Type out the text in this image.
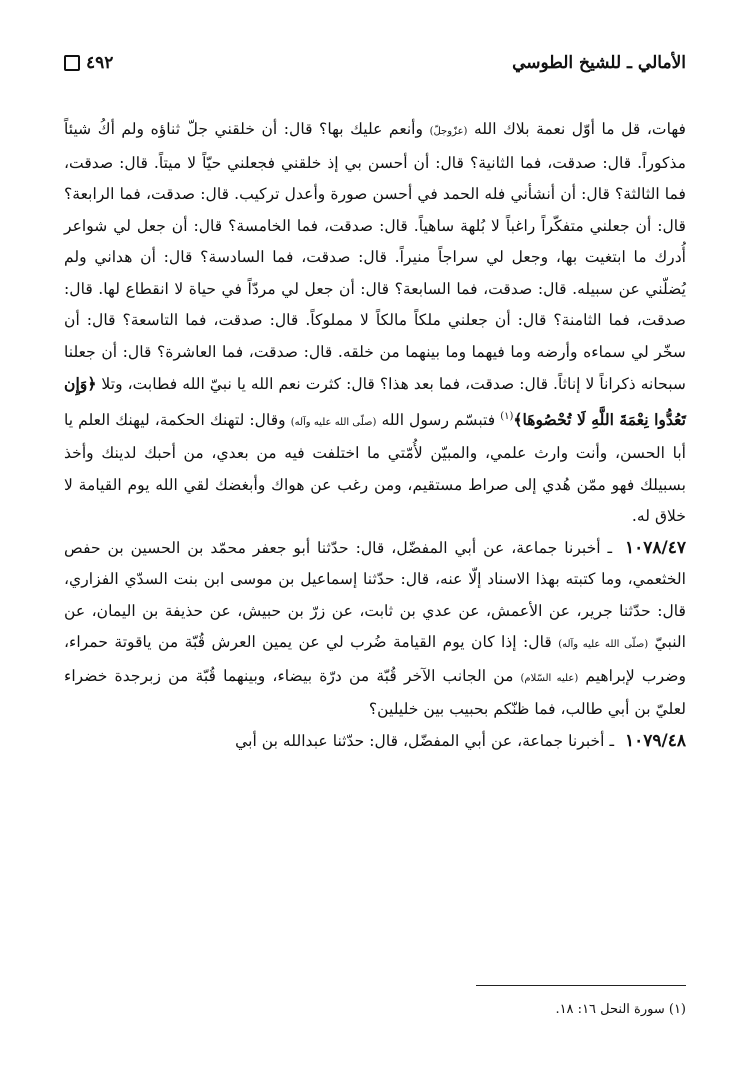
٤٩٢	الأمالي ـ للشيخ الطوسي

فهات، قل ما أوّل نعمة بلاك الله (عزّوجلّ) وأنعم عليك بها؟ قال: أن خلقني جلّ ثناؤه ولم أكُ شيئاً مذكوراً. قال: صدقت، فما الثانية؟ قال: أن أحسن بي إذ خلقني فجعلني حيّاً لا ميتاً. قال: صدقت، فما الثالثة؟ قال: أن أنشأني فله الحمد في أحسن صورة وأعدل تركيب. قال: صدقت، فما الرابعة؟ قال: أن جعلني متفكّراً راغباً لا بُلهة ساهياً. قال: صدقت، فما الخامسة؟ قال: أن جعل لي شواعر أُدرك ما ابتغيت بها، وجعل لي سراجاً منيراً. قال: صدقت، فما السادسة؟ قال: أن هداني ولم يُضلّني عن سبيله. قال: صدقت، فما السابعة؟ قال: أن جعل لي مردّاً في حياة لا انقطاع لها. قال: صدقت، فما الثامنة؟ قال: أن جعلني ملكاً مالكاً لا مملوكاً. قال: صدقت، فما التاسعة؟ قال: أن سخّر لي سماءه وأرضه وما فيهما وما بينهما من خلقه. قال: صدقت، فما العاشرة؟ قال: أن جعلنا سبحانه ذكراناً لا إناثاً. قال: صدقت، فما بعد هذا؟ قال: كثرت نعم الله يا نبيّ الله فطابت، وتلا ﴿وَإِن تَعُدُّوا نِعْمَةَ اللَّهِ لَا تُحْصُوهَا﴾$^{(١)}$ فتبسّم رسول الله (صلّى الله عليه وآله) وقال: لتهنك الحكمة، ليهنك العلم يا أبا الحسن، وأنت وارث علمي، والمبيّن لأُمّتي ما اختلفت فيه من بعدي، من أحبك لدينك وأخذ بسبيلك فهو ممّن هُدي إلى صراط مستقيم، ومن رغب عن هواك وأبغضك لقي الله يوم القيامة لا خلاق له.

١٠٧٨/٤٧ ـ أخبرنا جماعة، عن أبي المفضّل، قال: حدّثنا أبو جعفر محمّد بن الحسين بن حفص الخثعمي، وما كتبته بهذا الاسناد إلّا عنه، قال: حدّثنا إسماعيل بن موسى ابن بنت السدّي الفزاري، قال: حدّثنا جرير، عن الأعمش، عن عدي بن ثابت، عن زرّ بن حبيش، عن حذيفة بن اليمان، عن النبيّ (صلّى الله عليه وآله) قال: إذا كان يوم القيامة ضُرب لي عن يمين العرش قُبّة من ياقوتة حمراء، وضرب لإبراهيم (عليه السّلام) من الجانب الآخر قُبّة من درّة بيضاء، وبينهما قُبّة من زبرجدة خضراء لعليّ بن أبي طالب، فما ظنّكم بحبيب بين خليلين؟

١٠٧٩/٤٨ ـ أخبرنا جماعة، عن أبي المفضّل، قال: حدّثنا عبدالله بن أبي

(١) سورة النحل ١٦: ١٨.
